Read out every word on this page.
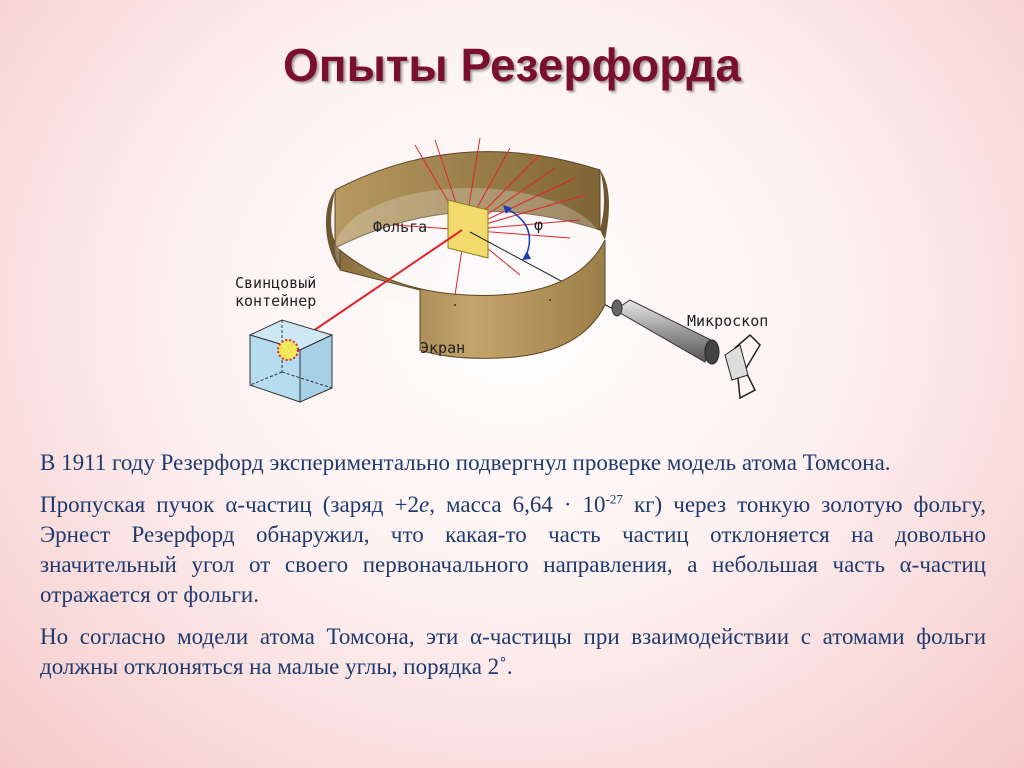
Опыты Резерфорда
φ
Фольга
Свинцовый
контейнер
Микроскоп
Экран

В 1911 году Резерфорд экспериментально подвергнул проверке модель атома Томсона.

Пропуская пучок α-частиц (заряд +2e, масса $6,64 \cdot 10^{-27}$ кг) через тонкую золотую фольгу, Эрнест Резерфорд обнаружил, что какая-то часть частиц отклоняется на довольно значительный угол от своего первоначального направления, а небольшая часть α-частиц отражается от фольги.

Но согласно модели атома Томсона, эти α-частицы при взаимодействии с атомами фольги должны отклоняться на малые углы, порядка 2˚.
